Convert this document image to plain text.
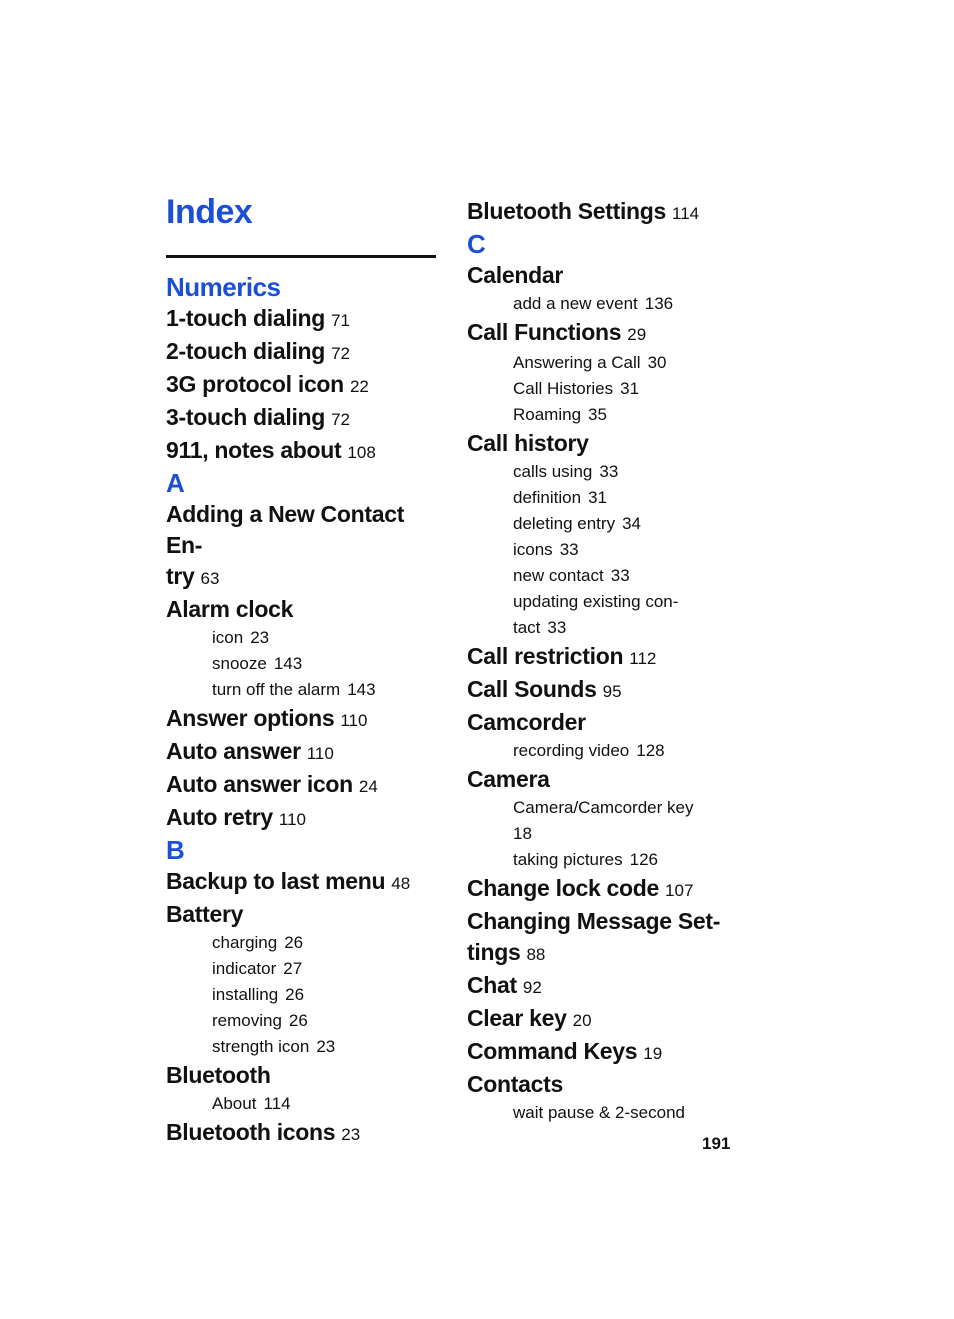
Index
Numerics
1-touch dialing 71
2-touch dialing 72
3G protocol icon 22
3-touch dialing 72
911, notes about 108
A
Adding a New Contact En-
try 63
Alarm clock
icon 23
snooze 143
turn off the alarm 143
Answer options 110
Auto answer 110
Auto answer icon 24
Auto retry 110
B
Backup to last menu 48
Battery
charging 26
indicator 27
installing 26
removing 26
strength icon 23
Bluetooth
About 114
Bluetooth icons 23
Bluetooth Settings 114
C
Calendar
add a new event 136
Call Functions 29
Answering a Call 30
Call Histories 31
Roaming 35
Call history
calls using 33
definition 31
deleting entry 34
icons 33
new contact 33
updating existing con-
tact 33
Call restriction 112
Call Sounds 95
Camcorder
recording video 128
Camera
Camera/Camcorder key
18
taking pictures 126
Change lock code 107
Changing Message Set-
tings 88
Chat 92
Clear key 20
Command Keys 19
Contacts
wait pause & 2-second
191
